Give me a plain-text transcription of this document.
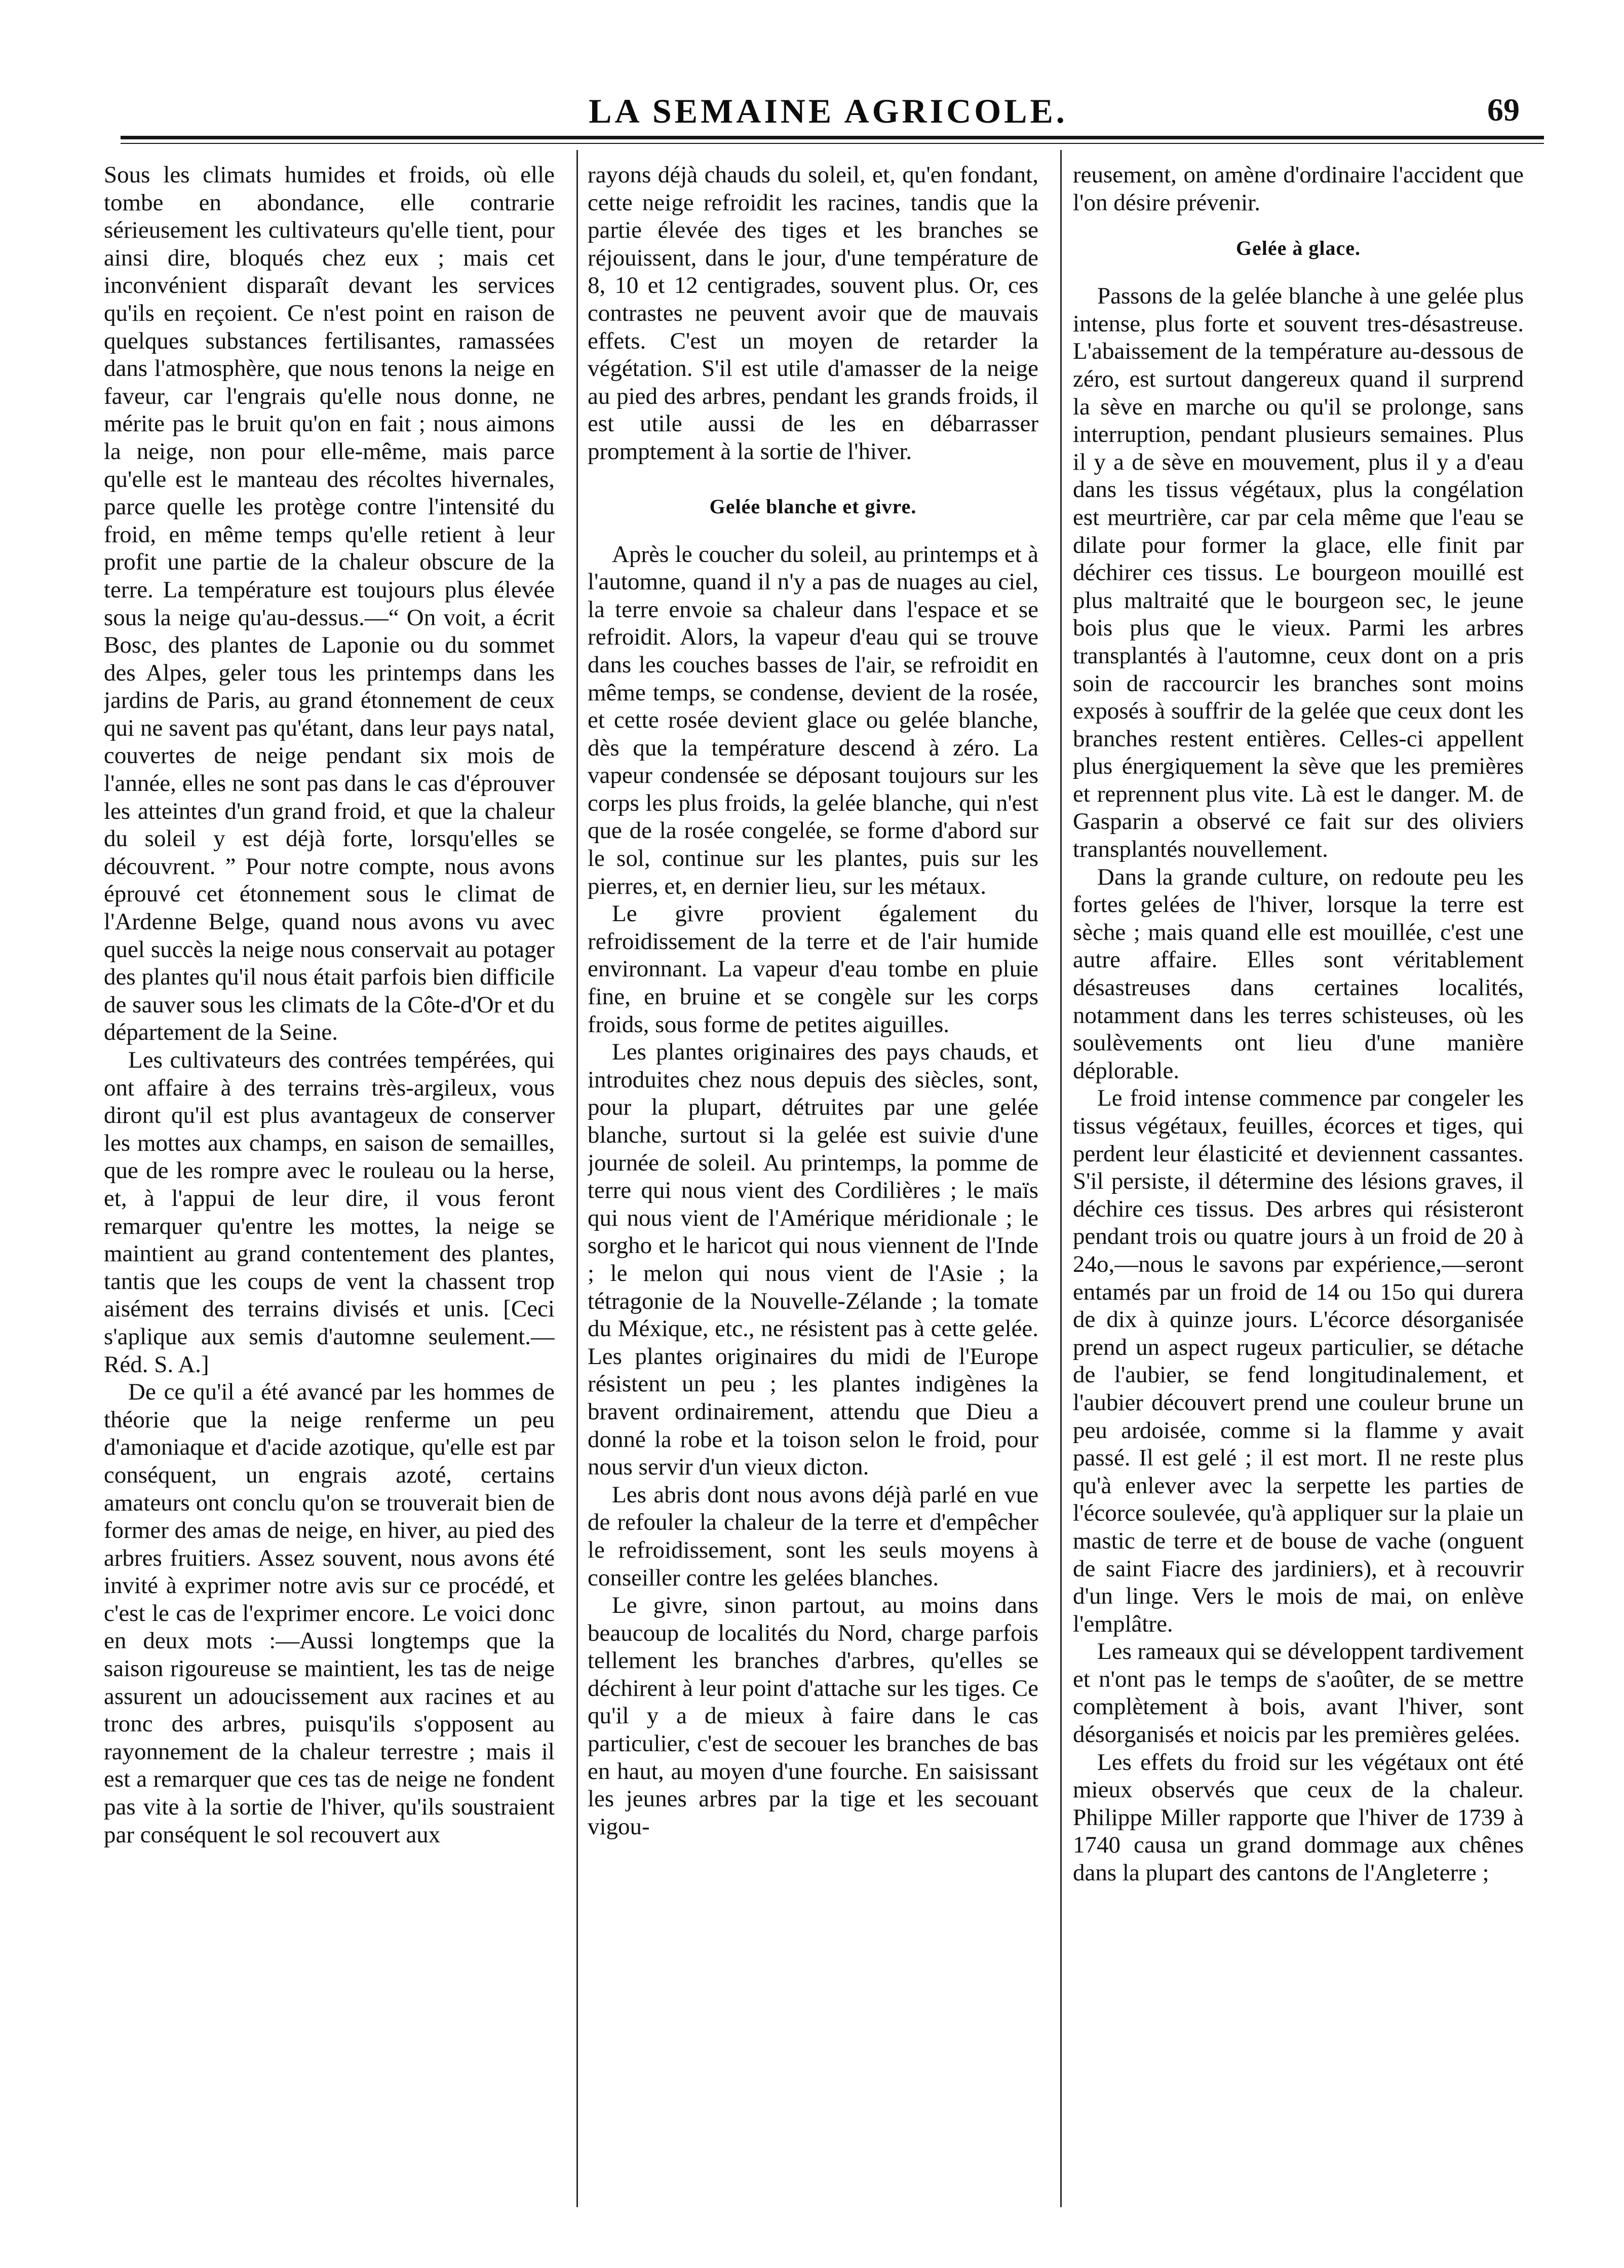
LA SEMAINE AGRICOLE.	69

Sous les climats humides et froids, où elle tombe en abondance, elle contrarie sérieusement les cultivateurs qu'elle tient, pour ainsi dire, bloqués chez eux ; mais cet inconvénient disparaît devant les services qu'ils en reçoient. Ce n'est point en raison de quelques substances fertilisantes, ramassées dans l'atmosphère, que nous tenons la neige en faveur, car l'engrais qu'elle nous donne, ne mérite pas le bruit qu'on en fait ; nous aimons la neige, non pour elle-même, mais parce qu'elle est le manteau des récoltes hivernales, parce quelle les protège contre l'intensité du froid, en même temps qu'elle retient à leur profit une partie de la chaleur obscure de la terre. La température est toujours plus élevée sous la neige qu'au-dessus.—“ On voit, a écrit Bosc, des plantes de Laponie ou du sommet des Alpes, geler tous les printemps dans les jardins de Paris, au grand étonnement de ceux qui ne savent pas qu'étant, dans leur pays natal, couvertes de neige pendant six mois de l'année, elles ne sont pas dans le cas d'éprouver les atteintes d'un grand froid, et que la chaleur du soleil y est déjà forte, lorsqu'elles se découvrent. ” Pour notre compte, nous avons éprouvé cet étonnement sous le climat de l'Ardenne Belge, quand nous avons vu avec quel succès la neige nous conservait au potager des plantes qu'il nous était parfois bien difficile de sauver sous les climats de la Côte-d'Or et du département de la Seine.

Les cultivateurs des contrées tempérées, qui ont affaire à des terrains très-argileux, vous diront qu'il est plus avantageux de conserver les mottes aux champs, en saison de semailles, que de les rompre avec le rouleau ou la herse, et, à l'appui de leur dire, il vous feront remarquer qu'entre les mottes, la neige se maintient au grand contentement des plantes, tantis que les coups de vent la chassent trop aisément des terrains divisés et unis. [Ceci s'aplique aux semis d'automne seulement.—Réd. S. A.]

De ce qu'il a été avancé par les hommes de théorie que la neige renferme un peu d'amoniaque et d'acide azotique, qu'elle est par conséquent, un engrais azoté, certains amateurs ont conclu qu'on se trouverait bien de former des amas de neige, en hiver, au pied des arbres fruitiers. Assez souvent, nous avons été invité à exprimer notre avis sur ce procédé, et c'est le cas de l'exprimer encore. Le voici donc en deux mots :—Aussi longtemps que la saison rigoureuse se maintient, les tas de neige assurent un adoucissement aux racines et au tronc des arbres, puisqu'ils s'opposent au rayonnement de la chaleur terrestre ; mais il est a remarquer que ces tas de neige ne fondent pas vite à la sortie de l'hiver, qu'ils soustraient par conséquent le sol recouvert aux

rayons déjà chauds du soleil, et, qu'en fondant, cette neige refroidit les racines, tandis que la partie élevée des tiges et les branches se réjouissent, dans le jour, d'une température de 8, 10 et 12 centigrades, souvent plus. Or, ces contrastes ne peuvent avoir que de mauvais effets. C'est un moyen de retarder la végétation. S'il est utile d'amasser de la neige au pied des arbres, pendant les grands froids, il est utile aussi de les en débarrasser promptement à la sortie de l'hiver.

Gelée blanche et givre.

Après le coucher du soleil, au printemps et à l'automne, quand il n'y a pas de nuages au ciel, la terre envoie sa chaleur dans l'espace et se refroidit. Alors, la vapeur d'eau qui se trouve dans les couches basses de l'air, se refroidit en même temps, se condense, devient de la rosée, et cette rosée devient glace ou gelée blanche, dès que la température descend à zéro. La vapeur condensée se déposant toujours sur les corps les plus froids, la gelée blanche, qui n'est que de la rosée congelée, se forme d'abord sur le sol, continue sur les plantes, puis sur les pierres, et, en dernier lieu, sur les métaux.

Le givre provient également du refroidissement de la terre et de l'air humide environnant. La vapeur d'eau tombe en pluie fine, en bruine et se congèle sur les corps froids, sous forme de petites aiguilles.

Les plantes originaires des pays chauds, et introduites chez nous depuis des siècles, sont, pour la plupart, détruites par une gelée blanche, surtout si la gelée est suivie d'une journée de soleil. Au printemps, la pomme de terre qui nous vient des Cordilières ; le maïs qui nous vient de l'Amérique méridionale ; le sorgho et le haricot qui nous viennent de l'Inde ; le melon qui nous vient de l'Asie ; la tétragonie de la Nouvelle-Zélande ; la tomate du Méxique, etc., ne résistent pas à cette gelée. Les plantes originaires du midi de l'Europe résistent un peu ; les plantes indigènes la bravent ordinairement, attendu que Dieu a donné la robe et la toison selon le froid, pour nous servir d'un vieux dicton.

Les abris dont nous avons déjà parlé en vue de refouler la chaleur de la terre et d'empêcher le refroidissement, sont les seuls moyens à conseiller contre les gelées blanches.

Le givre, sinon partout, au moins dans beaucoup de localités du Nord, charge parfois tellement les branches d'arbres, qu'elles se déchirent à leur point d'attache sur les tiges. Ce qu'il y a de mieux à faire dans le cas particulier, c'est de secouer les branches de bas en haut, au moyen d'une fourche. En saisissant les jeunes arbres par la tige et les secouant vigou-

reusement, on amène d'ordinaire l'accident que l'on désire prévenir.

Gelée à glace.

Passons de la gelée blanche à une gelée plus intense, plus forte et souvent tres-désastreuse. L'abaissement de la température au-dessous de zéro, est surtout dangereux quand il surprend la sève en marche ou qu'il se prolonge, sans interruption, pendant plusieurs semaines. Plus il y a de sève en mouvement, plus il y a d'eau dans les tissus végétaux, plus la congélation est meurtrière, car par cela même que l'eau se dilate pour former la glace, elle finit par déchirer ces tissus. Le bourgeon mouillé est plus maltraité que le bourgeon sec, le jeune bois plus que le vieux. Parmi les arbres transplantés à l'automne, ceux dont on a pris soin de raccourcir les branches sont moins exposés à souffrir de la gelée que ceux dont les branches restent entières. Celles-ci appellent plus énergiquement la sève que les premières et reprennent plus vite. Là est le danger. M. de Gasparin a observé ce fait sur des oliviers transplantés nouvellement.

Dans la grande culture, on redoute peu les fortes gelées de l'hiver, lorsque la terre est sèche ; mais quand elle est mouillée, c'est une autre affaire. Elles sont véritablement désastreuses dans certaines localités, notamment dans les terres schisteuses, où les soulèvements ont lieu d'une manière déplorable.

Le froid intense commence par congeler les tissus végétaux, feuilles, écorces et tiges, qui perdent leur élasticité et deviennent cassantes. S'il persiste, il détermine des lésions graves, il déchire ces tissus. Des arbres qui résisteront pendant trois ou quatre jours à un froid de 20 à 24o,—nous le savons par expérience,—seront entamés par un froid de 14 ou 15o qui durera de dix à quinze jours. L'écorce désorganisée prend un aspect rugeux particulier, se détache de l'aubier, se fend longitudinalement, et l'aubier découvert prend une couleur brune un peu ardoisée, comme si la flamme y avait passé. Il est gelé ; il est mort. Il ne reste plus qu'à enlever avec la serpette les parties de l'écorce soulevée, qu'à appliquer sur la plaie un mastic de terre et de bouse de vache (onguent de saint Fiacre des jardiniers), et à recouvrir d'un linge. Vers le mois de mai, on enlève l'emplâtre.

Les rameaux qui se développent tardivement et n'ont pas le temps de s'aoûter, de se mettre complètement à bois, avant l'hiver, sont désorganisés et noicis par les premières gelées.

Les effets du froid sur les végétaux ont été mieux observés que ceux de la chaleur. Philippe Miller rapporte que l'hiver de 1739 à 1740 causa un grand dommage aux chênes dans la plupart des cantons de l'Angleterre ;
